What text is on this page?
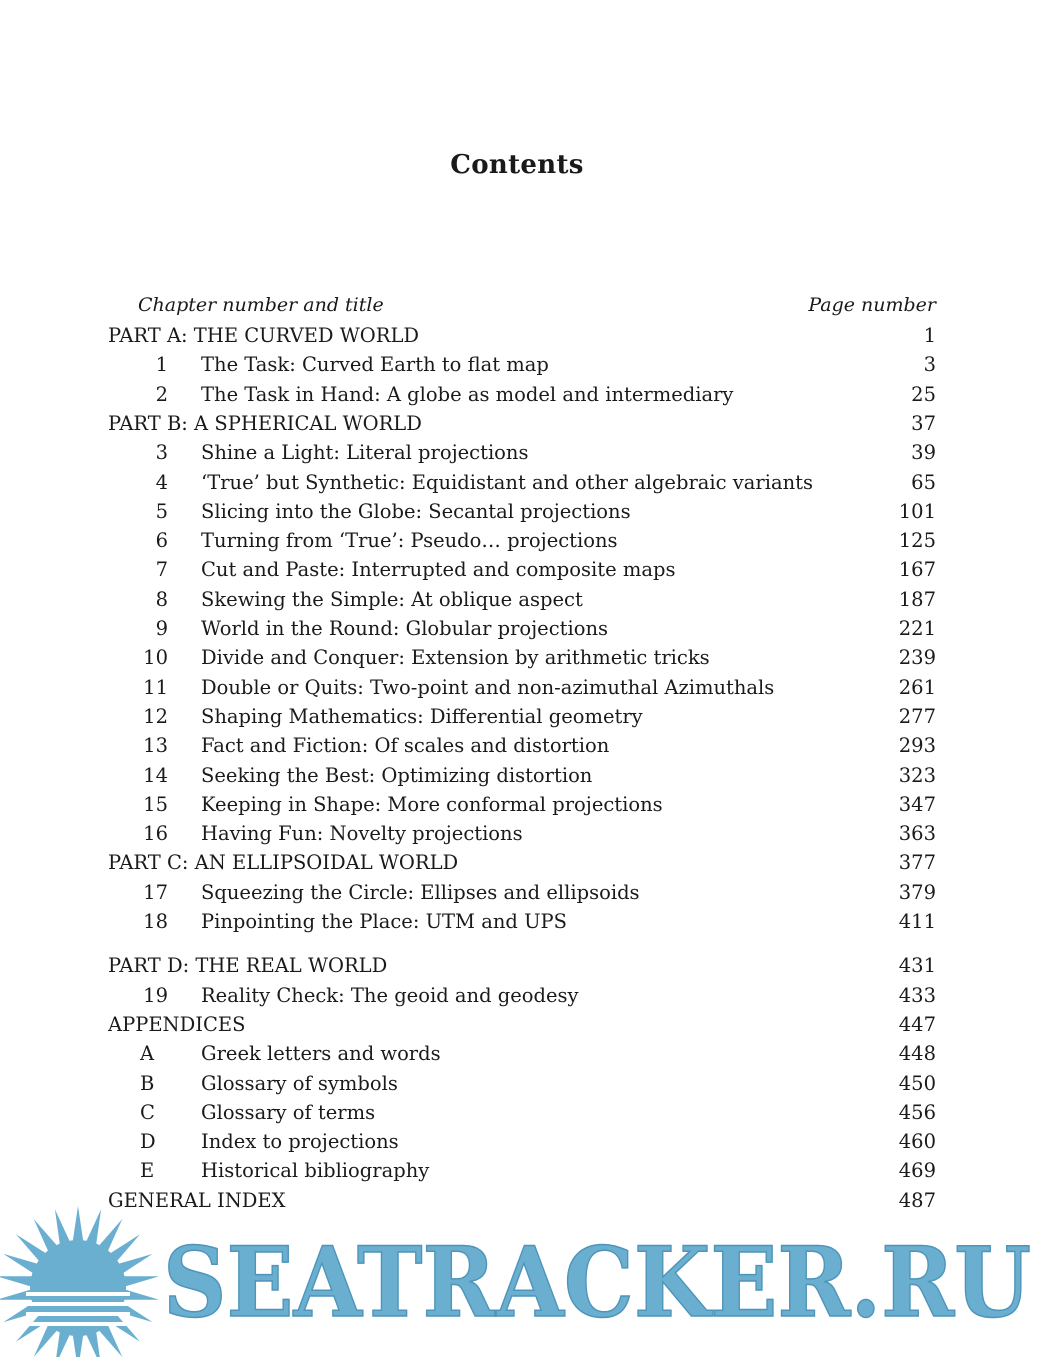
Contents
Chapter number and title	Page number
PART A: THE CURVED WORLD	1
1 The Task: Curved Earth to flat map	3
2 The Task in Hand: A globe as model and intermediary	25
PART B: A SPHERICAL WORLD	37
3 Shine a Light: Literal projections	39
4 ‘True’ but Synthetic: Equidistant and other algebraic variants	65
5 Slicing into the Globe: Secantal projections	101
6 Turning from ‘True’: Pseudo… projections	125
7 Cut and Paste: Interrupted and composite maps	167
8 Skewing the Simple: At oblique aspect	187
9 World in the Round: Globular projections	221
10 Divide and Conquer: Extension by arithmetic tricks	239
11 Double or Quits: Two-point and non-azimuthal Azimuthals	261
12 Shaping Mathematics: Differential geometry	277
13 Fact and Fiction: Of scales and distortion	293
14 Seeking the Best: Optimizing distortion	323
15 Keeping in Shape: More conformal projections	347
16 Having Fun: Novelty projections	363
PART C: AN ELLIPSOIDAL WORLD	377
17 Squeezing the Circle: Ellipses and ellipsoids	379
18 Pinpointing the Place: UTM and UPS	411
PART D: THE REAL WORLD	431
19 Reality Check: The geoid and geodesy	433
APPENDICES	447
A	Greek letters and words	448
B	Glossary of symbols	450
C	Glossary of terms	456
D	Index to projections	460
E	Historical bibliography	469
GENERAL INDEX	487
SEATRACKER.RU
